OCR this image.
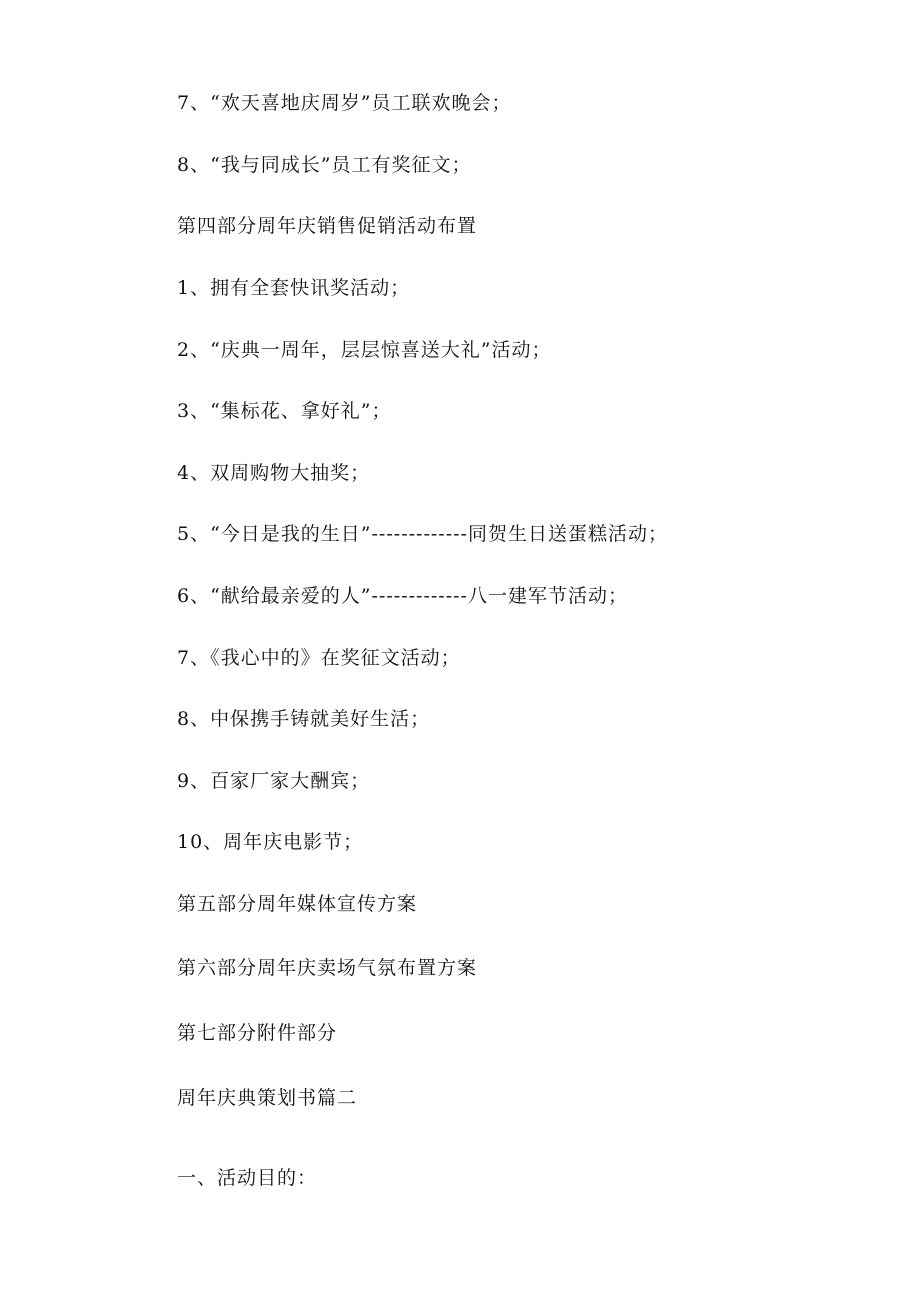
7、“欢天喜地庆周岁”员工联欢晚会；
8、“我与同成长”员工有奖征文；
第四部分周年庆销售促销活动布置
1、拥有全套快讯奖活动；
2、“庆典一周年，层层惊喜送大礼”活动；
3、“集标花、拿好礼”；
4、双周购物大抽奖；
5、“今日是我的生日”-------------同贺生日送蛋糕活动；
6、“献给最亲爱的人”-------------八一建军节活动；
7、《我心中的》在奖征文活动；
8、中保携手铸就美好生活；
9、百家厂家大酬宾；
10、周年庆电影节；
第五部分周年媒体宣传方案
第六部分周年庆卖场气氛布置方案
第七部分附件部分
周年庆典策划书篇二
一、活动目的：
